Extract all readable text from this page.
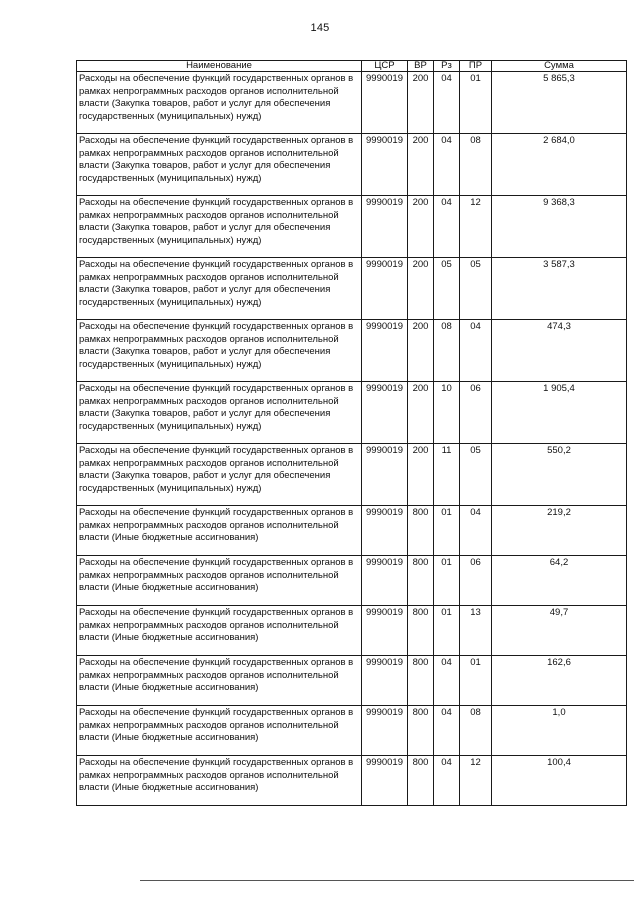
145
Наименование	ЦСР	ВР	Рз	ПР	Сумма
Расходы на обеспечение функций государственных органов в рамках непрограммных расходов органов исполнительной власти (Закупка товаров, работ и услуг для обеспечения государственных (муниципальных) нужд)	9990019	200	04	01	5 865,3
Расходы на обеспечение функций государственных органов в рамках непрограммных расходов органов исполнительной власти (Закупка товаров, работ и услуг для обеспечения государственных (муниципальных) нужд)	9990019	200	04	08	2 684,0
Расходы на обеспечение функций государственных органов в рамках непрограммных расходов органов исполнительной власти (Закупка товаров, работ и услуг для обеспечения государственных (муниципальных) нужд)	9990019	200	04	12	9 368,3
Расходы на обеспечение функций государственных органов в рамках непрограммных расходов органов исполнительной власти (Закупка товаров, работ и услуг для обеспечения государственных (муниципальных) нужд)	9990019	200	05	05	3 587,3
Расходы на обеспечение функций государственных органов в рамках непрограммных расходов органов исполнительной власти (Закупка товаров, работ и услуг для обеспечения государственных (муниципальных) нужд)	9990019	200	08	04	474,3
Расходы на обеспечение функций государственных органов в рамках непрограммных расходов органов исполнительной власти (Закупка товаров, работ и услуг для обеспечения государственных (муниципальных) нужд)	9990019	200	10	06	1 905,4
Расходы на обеспечение функций государственных органов в рамках непрограммных расходов органов исполнительной власти (Закупка товаров, работ и услуг для обеспечения государственных (муниципальных) нужд)	9990019	200	11	05	550,2
Расходы на обеспечение функций государственных органов в рамках непрограммных расходов органов исполнительной власти (Иные бюджетные ассигнования)	9990019	800	01	04	219,2
Расходы на обеспечение функций государственных органов в рамках непрограммных расходов органов исполнительной власти (Иные бюджетные ассигнования)	9990019	800	01	06	64,2
Расходы на обеспечение функций государственных органов в рамках непрограммных расходов органов исполнительной власти (Иные бюджетные ассигнования)	9990019	800	01	13	49,7
Расходы на обеспечение функций государственных органов в рамках непрограммных расходов органов исполнительной власти (Иные бюджетные ассигнования)	9990019	800	04	01	162,6
Расходы на обеспечение функций государственных органов в рамках непрограммных расходов органов исполнительной власти (Иные бюджетные ассигнования)	9990019	800	04	08	1,0
Расходы на обеспечение функций государственных органов в рамках непрограммных расходов органов исполнительной власти (Иные бюджетные ассигнования)	9990019	800	04	12	100,4
